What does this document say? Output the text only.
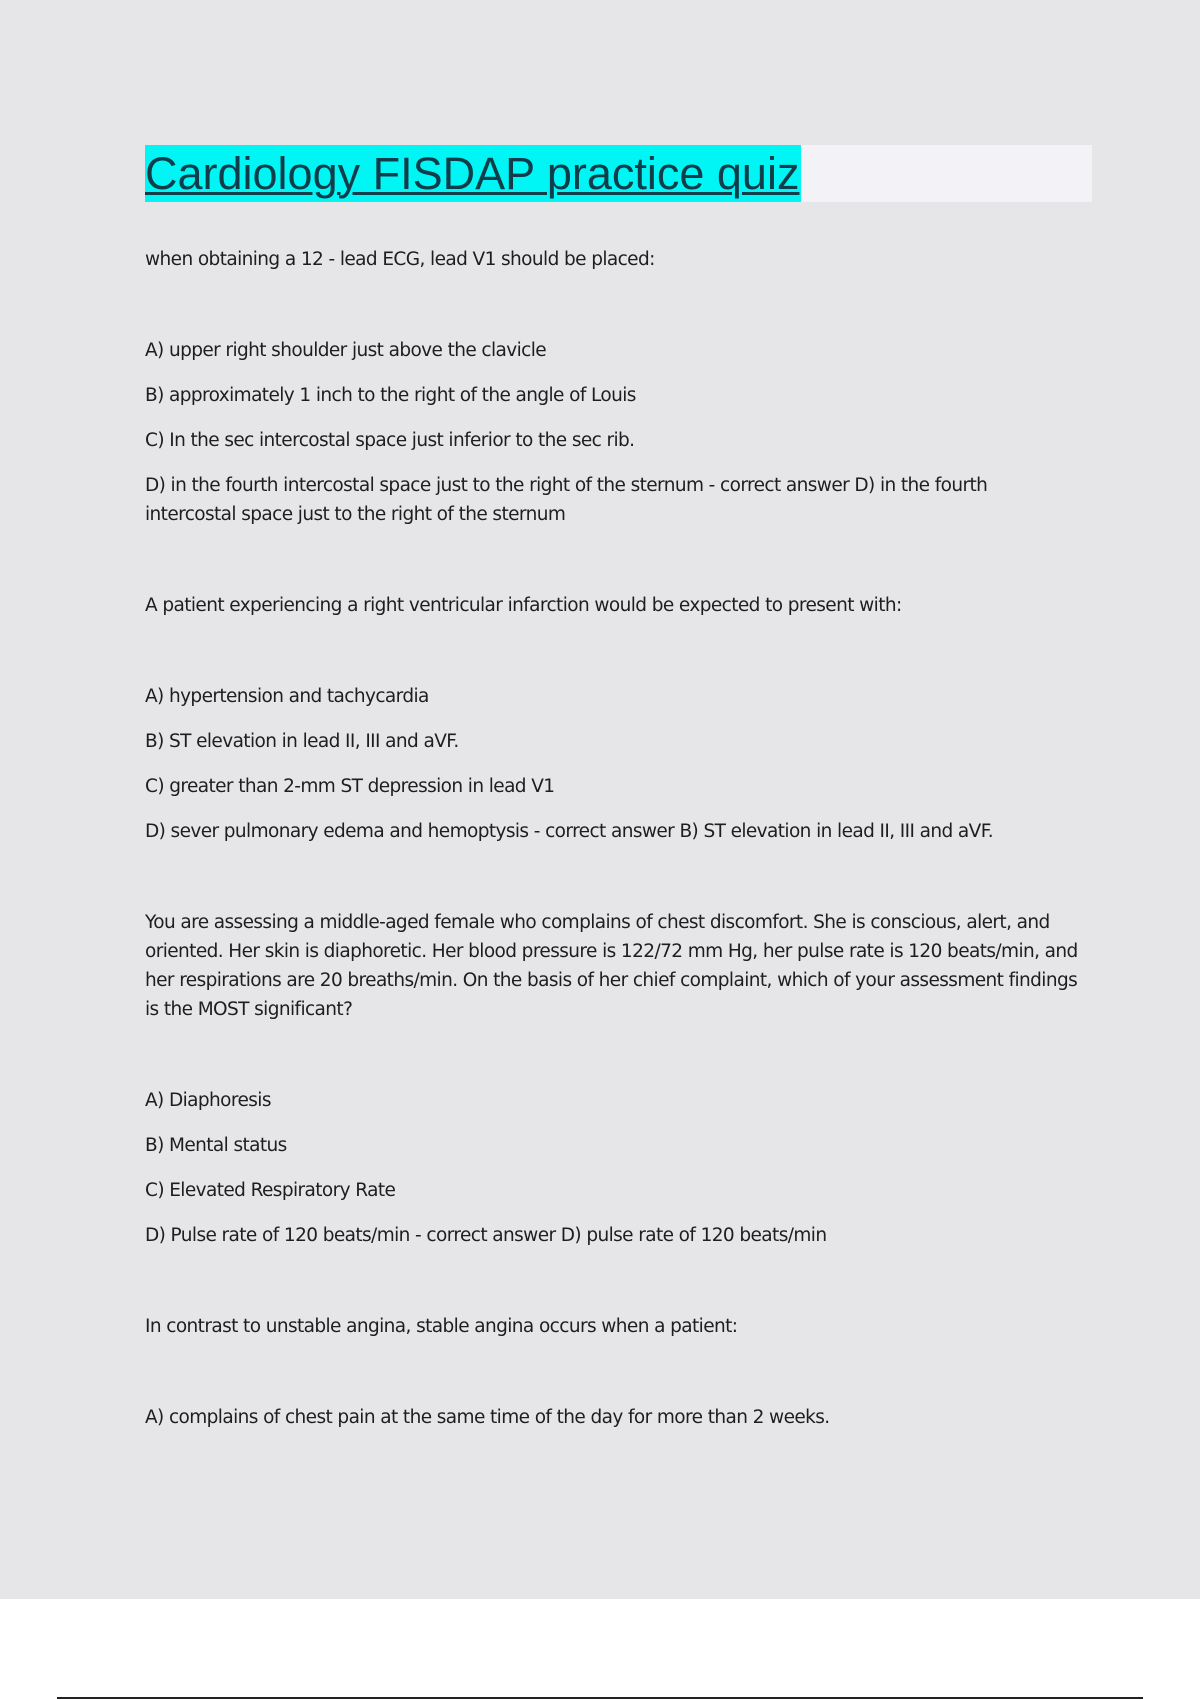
Cardiology FISDAP practice quiz

when obtaining a 12 - lead ECG, lead V1 should be placed:

A) upper right shoulder just above the clavicle

B) approximately 1 inch to the right of the angle of Louis

C) In the sec intercostal space just inferior to the sec rib.

D) in the fourth intercostal space just to the right of the sternum - correct answer D) in the fourth intercostal space just to the right of the sternum

A patient experiencing a right ventricular infarction would be expected to present with:

A) hypertension and tachycardia

B) ST elevation in lead II, III and aVF.

C) greater than 2-mm ST depression in lead V1

D) sever pulmonary edema and hemoptysis - correct answer B) ST elevation in lead II, III and aVF.

You are assessing a middle-aged female who complains of chest discomfort. She is conscious, alert, and oriented. Her skin is diaphoretic. Her blood pressure is 122/72 mm Hg, her pulse rate is 120 beats/min, and her respirations are 20 breaths/min. On the basis of her chief complaint, which of your assessment findings is the MOST significant?

A) Diaphoresis

B) Mental status

C) Elevated Respiratory Rate

D) Pulse rate of 120 beats/min - correct answer D) pulse rate of 120 beats/min

In contrast to unstable angina, stable angina occurs when a patient:

A) complains of chest pain at the same time of the day for more than 2 weeks.
